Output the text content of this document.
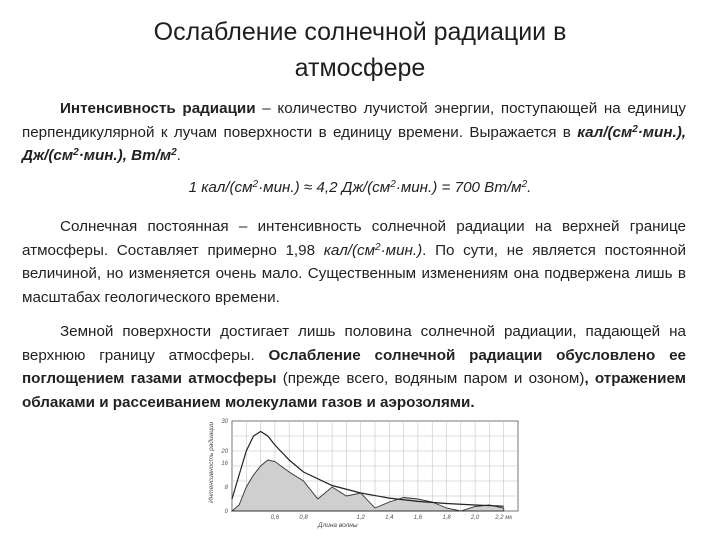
Ослабление солнечной радиации в
атмосфере

Интенсивность радиации – количество лучистой энергии, поступающей на единицу перпендикулярной к лучам поверхности в единицу времени. Выражается в кал/$(см^2\cdot мин.)$, $Дж/(см^2\cdot мин.)$, $Вт/м^2$.

1 кал/$(см^2\cdot мин.) \approx 4,2$ $Дж/(см^2\cdot мин.) = 700$ $Вт/м^2$.

Солнечная постоянная – интенсивность солнечной радиации на верхней границе атмосферы. Составляет примерно 1,98 кал/$(см^2\cdot мин.)$. По сути, не является постоянной величиной, но изменяется очень мало. Существенным изменениям она подвержена лишь в масштабах геологического времени.

Земной поверхности достигает лишь половина солнечной радиации, падающей на верхнюю границу атмосферы. Ослабление солнечной радиации обусловлено ее поглощением газами атмосферы (прежде всего, водяным паром и озоном), отражением облаками и рассеиванием молекулами газов и аэрозолями.

0
8
16
20
30
0,6	0,8	1,2	1,4	1,6	1,8	2,0	2,2 мк
Интенсивность радиации
Длина волны
